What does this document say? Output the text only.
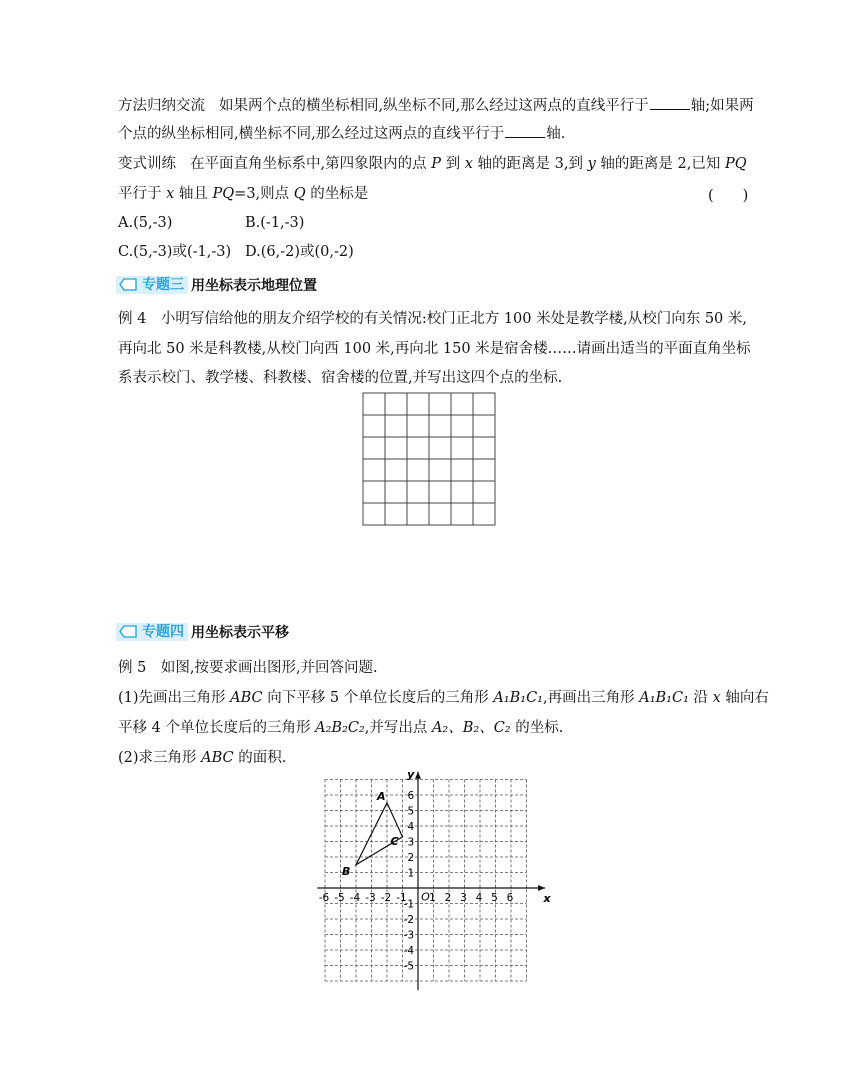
方法归纳交流 如果两个点的横坐标相同,纵坐标不同,那么经过这两点的直线平行于	轴;如果两
个点的纵坐标相同,横坐标不同,那么经过这两点的直线平行于	轴.
变式训练 在平面直角坐标系中,第四象限内的点 P 到 x 轴的距离是 3,到 y 轴的距离是 2,已知 PQ
平行于 x 轴且 PQ=3,则点 Q 的坐标是	(　　)
A.(5,-3)	B.(-1,-3)
C.(5,-3)或(-1,-3) D.(6,-2)或(0,-2)
专题三 用坐标表示地理位置
例 4　小明写信给他的朋友介绍学校的有关情况:校门正北方 100 米处是教学楼,从校门向东 50 米,
再向北 50 米是科教楼,从校门向西 100 米,再向北 150 米是宿舍楼……请画出适当的平面直角坐标
系表示校门、教学楼、科教楼、宿舍楼的位置,并写出这四个点的坐标.
专题四 用坐标表示平移
例 5　如图,按要求画出图形,并回答问题.
(1)先画出三角形 ABC 向下平移 5 个单位长度后的三角形 A₁B₁C₁,再画出三角形 A₁B₁C₁ 沿 x 轴向右
平移 4 个单位长度后的三角形 A₂B₂C₂,并写出点 A₂、B₂、C₂ 的坐标.
(2)求三角形 ABC 的面积.
x
y
O
-6 -5 -4 -3 -2 -1 1 2 3 4 5 6
6
5
4
3
2
1
-1
-2
-3
-4
-5
A
B
C
